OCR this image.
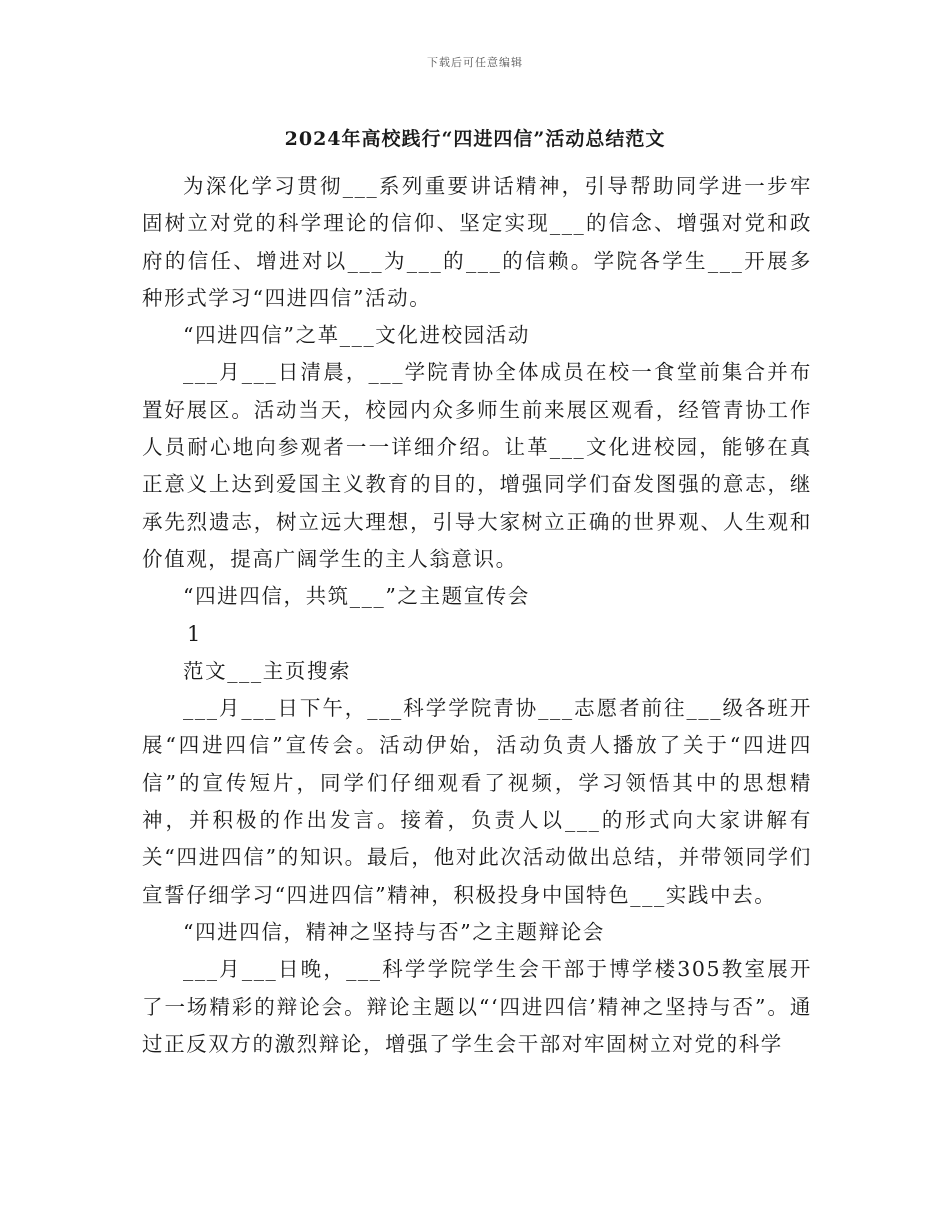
下载后可任意编辑
2024年高校践行“四进四信”活动总结范文

为深化学习贯彻___系列重要讲话精神，引导帮助同学进一步牢固树立对党的科学理论的信仰、坚定实现___的信念、增强对党和政府的信任、增进对以___为___的___的信赖。学院各学生___开展多种形式学习“四进四信”活动。

“四进四信”之革___文化进校园活动

___月___日清晨，___学院青协全体成员在校一食堂前集合并布置好展区。活动当天，校园内众多师生前来展区观看，经管青协工作人员耐心地向参观者一一详细介绍。让革___文化进校园，能够在真正意义上达到爱国主义教育的目的，增强同学们奋发图强的意志，继承先烈遗志，树立远大理想，引导大家树立正确的世界观、人生观和价值观，提高广阔学生的主人翁意识。

“四进四信，共筑___”之主题宣传会

1

范文___主页搜索

___月___日下午，___科学学院青协___志愿者前往___级各班开展“四进四信”宣传会。活动伊始，活动负责人播放了关于“四进四信”的宣传短片，同学们仔细观看了视频，学习领悟其中的思想精神，并积极的作出发言。接着，负责人以___的形式向大家讲解有关“四进四信”的知识。最后，他对此次活动做出总结，并带领同学们宣誓仔细学习“四进四信”精神，积极投身中国特色___实践中去。

“四进四信，精神之坚持与否”之主题辩论会

___月___日晚，___科学学院学生会干部于博学楼305教室展开了一场精彩的辩论会。辩论主题以“‘四进四信’精神之坚持与否”。通过正反双方的激烈辩论，增强了学生会干部对牢固树立对党的科学
